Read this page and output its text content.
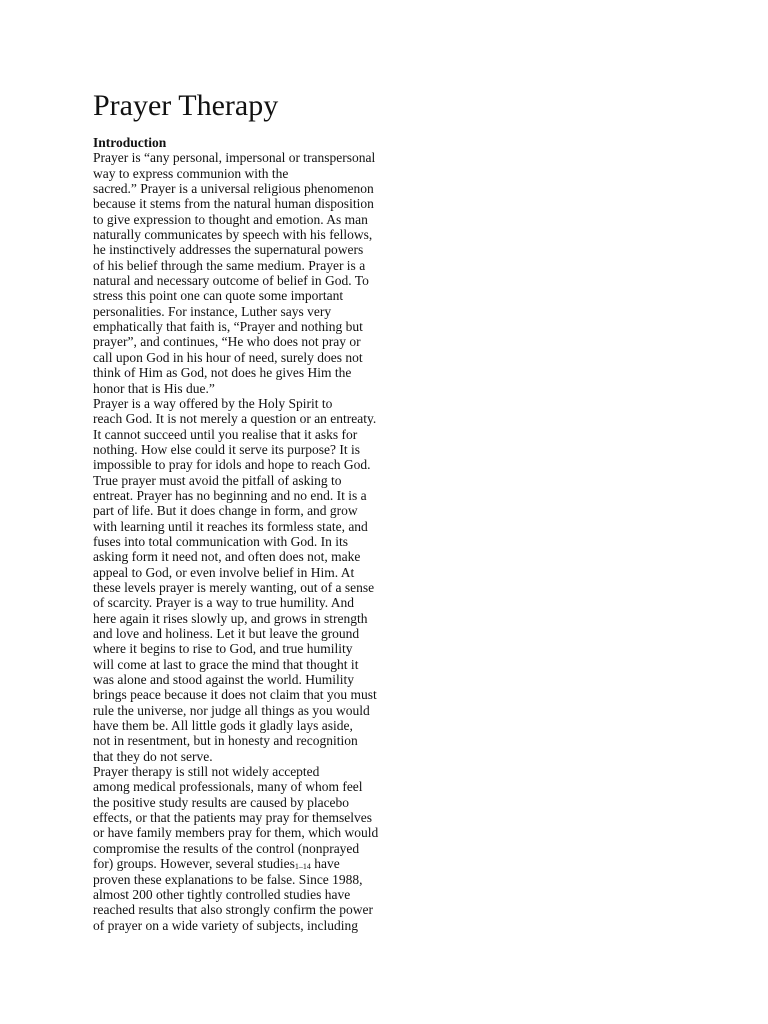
Prayer Therapy
Introduction
Prayer is “any personal, impersonal or transpersonal
way to express communion with the
sacred.” Prayer is a universal religious phenomenon
because it stems from the natural human disposition
to give expression to thought and emotion. As man
naturally communicates by speech with his fellows,
he instinctively addresses the supernatural powers
of his belief through the same medium. Prayer is a
natural and necessary outcome of belief in God. To
stress this point one can quote some important
personalities. For instance, Luther says very
emphatically that faith is, “Prayer and nothing but
prayer”, and continues, “He who does not pray or
call upon God in his hour of need, surely does not
think of Him as God, not does he gives Him the
honor that is His due.”
Prayer is a way offered by the Holy Spirit to
reach God. It is not merely a question or an entreaty.
It cannot succeed until you realise that it asks for
nothing. How else could it serve its purpose? It is
impossible to pray for idols and hope to reach God.
True prayer must avoid the pitfall of asking to
entreat. Prayer has no beginning and no end. It is a
part of life. But it does change in form, and grow
with learning until it reaches its formless state, and
fuses into total communication with God. In its
asking form it need not, and often does not, make
appeal to God, or even involve belief in Him. At
these levels prayer is merely wanting, out of a sense
of scarcity. Prayer is a way to true humility. And
here again it rises slowly up, and grows in strength
and love and holiness. Let it but leave the ground
where it begins to rise to God, and true humility
will come at last to grace the mind that thought it
was alone and stood against the world. Humility
brings peace because it does not claim that you must
rule the universe, nor judge all things as you would
have them be. All little gods it gladly lays aside,
not in resentment, but in honesty and recognition
that they do not serve.
Prayer therapy is still not widely accepted
among medical professionals, many of whom feel
the positive study results are caused by placebo
effects, or that the patients may pray for themselves
or have family members pray for them, which would
compromise the results of the control (nonprayed
for) groups. However, several studies$_{1-14}$ have
proven these explanations to be false. Since 1988,
almost 200 other tightly controlled studies have
reached results that also strongly confirm the power
of prayer on a wide variety of subjects, including
